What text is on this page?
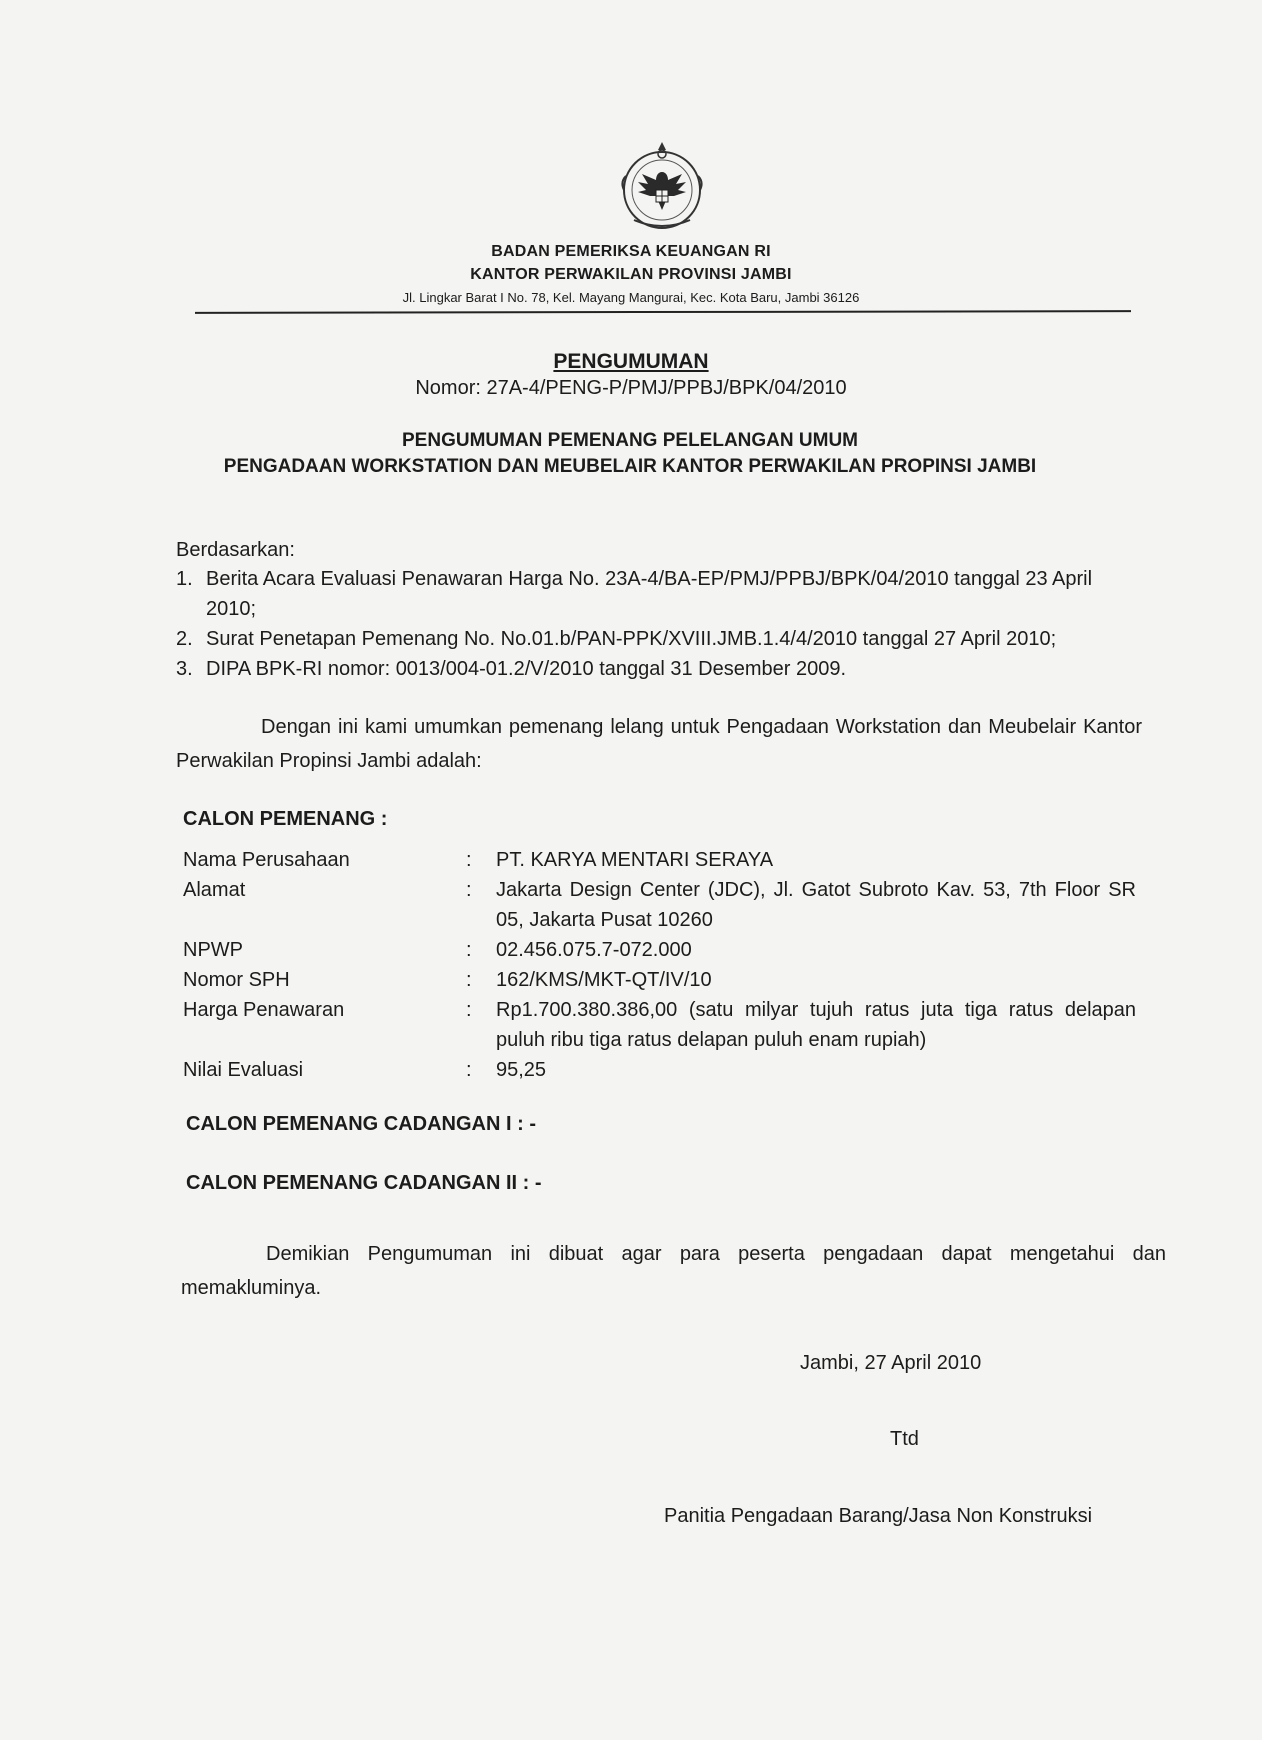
BADAN PEMERIKSA KEUANGAN RI
KANTOR PERWAKILAN PROVINSI JAMBI
Jl. Lingkar Barat I No. 78, Kel. Mayang Mangurai, Kec. Kota Baru, Jambi 36126
PENGUMUMAN
Nomor: 27A-4/PENG-P/PMJ/PPBJ/BPK/04/2010
PENGUMUMAN PEMENANG PELELANGAN UMUM
PENGADAAN WORKSTATION DAN MEUBELAIR KANTOR PERWAKILAN PROPINSI JAMBI
Berdasarkan:
1. Berita Acara Evaluasi Penawaran Harga No. 23A-4/BA-EP/PMJ/PPBJ/BPK/04/2010 tanggal 23 April 2010;
2. Surat Penetapan Pemenang No. No.01.b/PAN-PPK/XVIII.JMB.1.4/4/2010 tanggal 27 April 2010;
3. DIPA BPK-RI nomor: 0013/004-01.2/V/2010 tanggal 31 Desember 2009.
Dengan ini kami umumkan pemenang lelang untuk Pengadaan Workstation dan Meubelair Kantor Perwakilan Propinsi Jambi adalah:
CALON PEMENANG :
Nama Perusahaan	:	PT. KARYA MENTARI SERAYA
Alamat	:	Jakarta Design Center (JDC), Jl. Gatot Subroto Kav. 53, 7th Floor SR 05, Jakarta Pusat 10260
NPWP	:	02.456.075.7-072.000
Nomor SPH	:	162/KMS/MKT-QT/IV/10
Harga Penawaran	:	Rp1.700.380.386,00 (satu milyar tujuh ratus juta tiga ratus delapan puluh ribu tiga ratus delapan puluh enam rupiah)
Nilai Evaluasi	:	95,25
CALON PEMENANG CADANGAN I : -
CALON PEMENANG CADANGAN II : -
Demikian Pengumuman ini dibuat agar para peserta pengadaan dapat mengetahui dan memakluminya.
Jambi, 27 April 2010
Ttd
Panitia Pengadaan Barang/Jasa Non Konstruksi
